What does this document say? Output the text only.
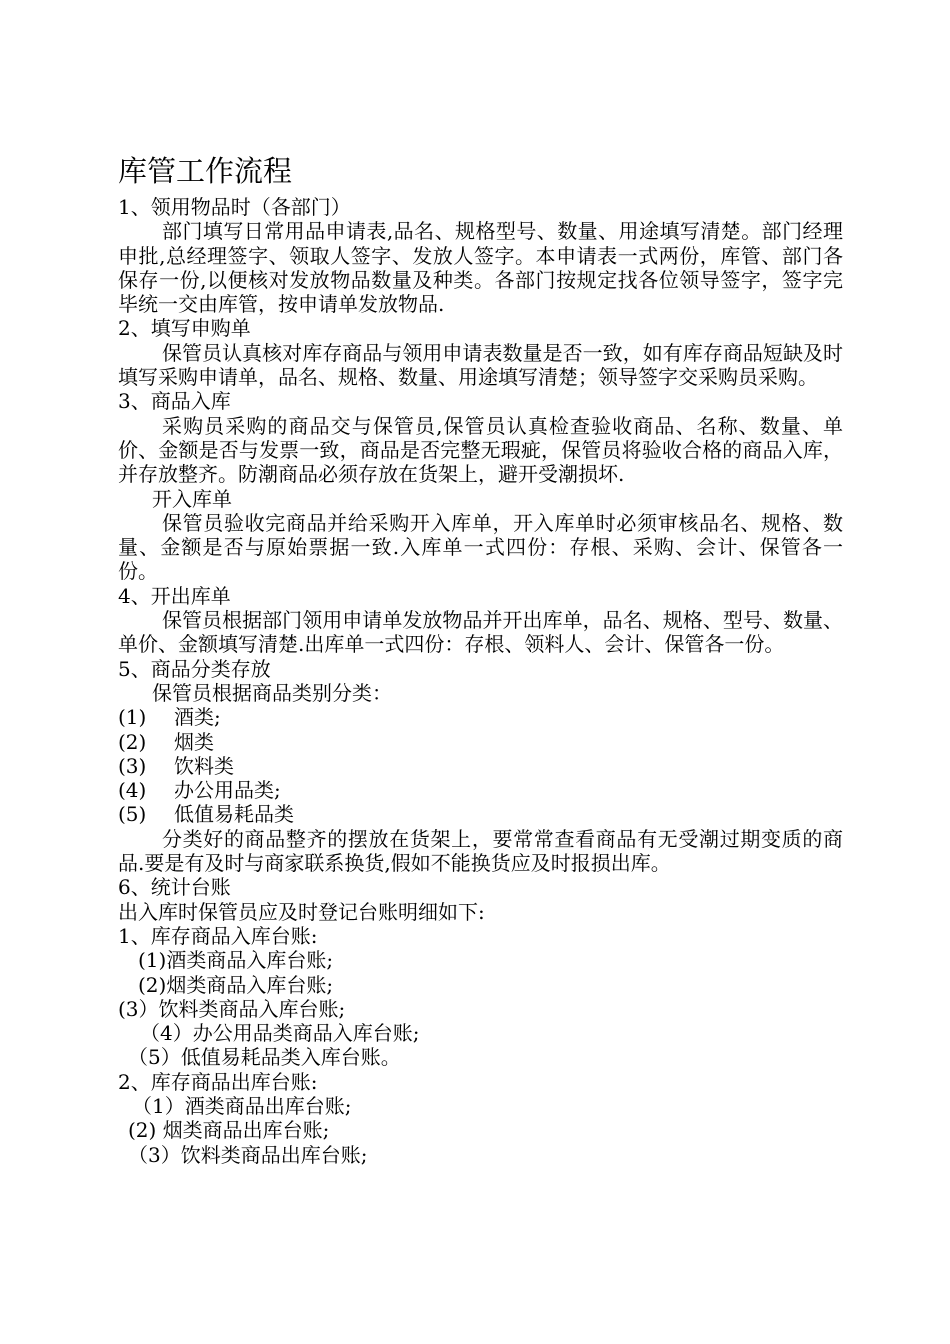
库管工作流程
1、领用物品时（各部门）

部门填写日常用品申请表,品名、规格型号、数量、用途填写清楚。部门经理申批,总经理签字、领取人签字、发放人签字。本申请表一式两份，库管、部门各保存一份,以便核对发放物品数量及种类。各部门按规定找各位领导签字，签字完毕统一交由库管，按申请单发放物品.

2、填写申购单

保管员认真核对库存商品与领用申请表数量是否一致，如有库存商品短缺及时填写采购申请单，品名、规格、数量、用途填写清楚；领导签字交采购员采购。

3、商品入库

采购员采购的商品交与保管员,保管员认真检查验收商品、名称、数量、单价、金额是否与发票一致，商品是否完整无瑕疵，保管员将验收合格的商品入库，并存放整齐。防潮商品必须存放在货架上，避开受潮损坏.

开入库单

保管员验收完商品并给采购开入库单，开入库单时必须审核品名、规格、数量、金额是否与原始票据一致.入库单一式四份：存根、采购、会计、保管各一份。

4、开出库单

保管员根据部门领用申请单发放物品并开出库单，品名、规格、型号、数量、单价、金额填写清楚.出库单一式四份：存根、领料人、会计、保管各一份。

5、商品分类存放
保管员根据商品类别分类：
(1)	酒类;
(2)	烟类
(3)	饮料类
(4)	办公用品类;
(5)	低值易耗品类

分类好的商品整齐的摆放在货架上，要常常查看商品有无受潮过期变质的商品.要是有及时与商家联系换货,假如不能换货应及时报损出库。

6、统计台账
出入库时保管员应及时登记台账明细如下:
1、库存商品入库台账:
(1)酒类商品入库台账;
(2)烟类商品入库台账;
(3）饮料类商品入库台账;
（4）办公用品类商品入库台账;
（5）低值易耗品类入库台账。
2、库存商品出库台账:
（1）酒类商品出库台账;
(2) 烟类商品出库台账;
（3）饮料类商品出库台账;
